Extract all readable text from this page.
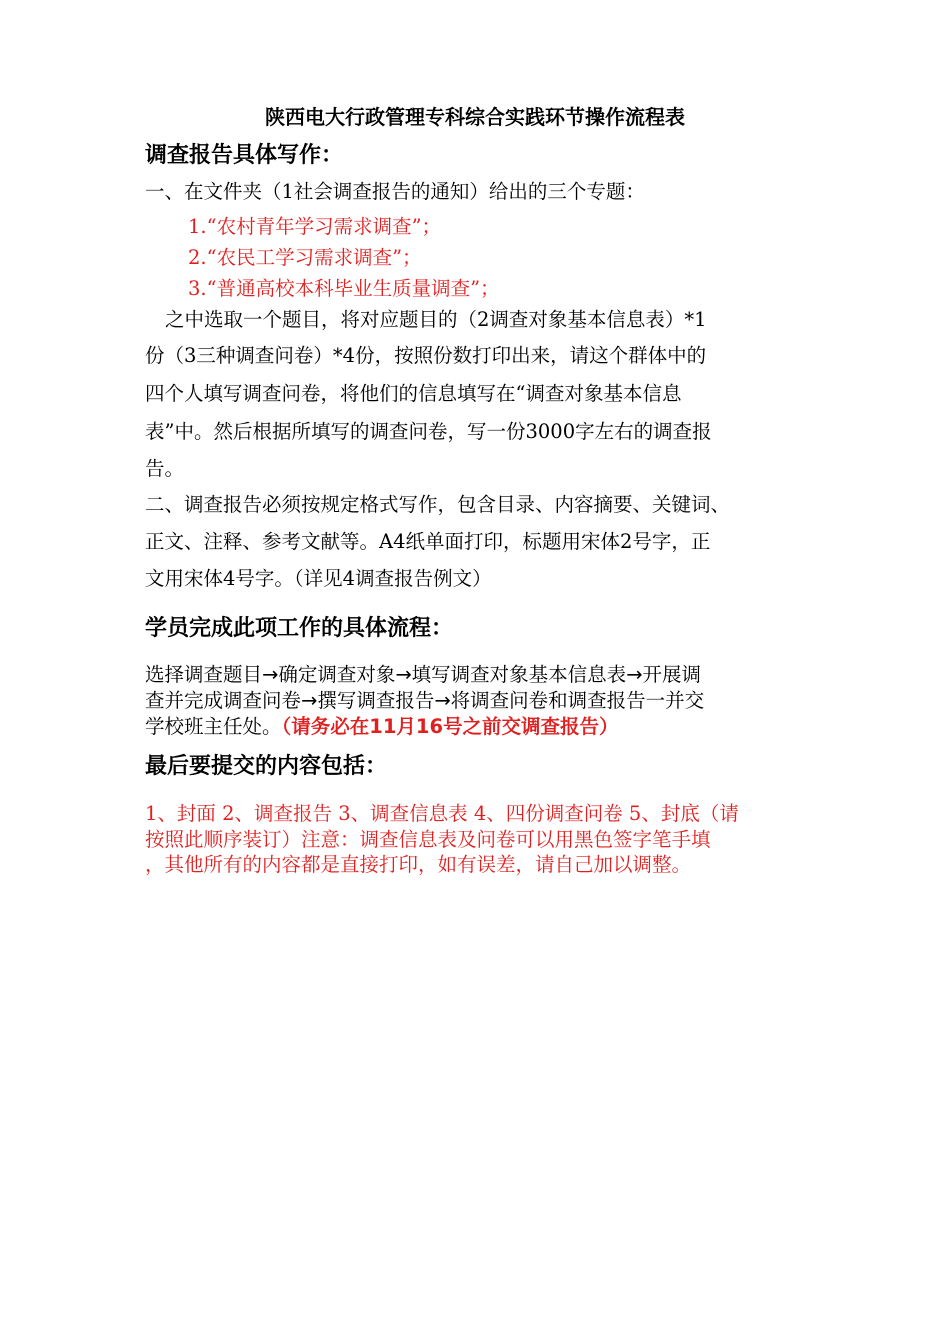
陕西电大行政管理专科综合实践环节操作流程表
调查报告具体写作：
一、在文件夹（1社会调查报告的通知）给出的三个专题：
1.“农村青年学习需求调查”；
2.“农民工学习需求调查”；
3.“普通高校本科毕业生质量调查”；
之中选取一个题目，将对应题目的（2调查对象基本信息表）*1
份（3三种调查问卷）*4份，按照份数打印出来，请这个群体中的
四个人填写调查问卷，将他们的信息填写在“调查对象基本信息
表”中。然后根据所填写的调查问卷，写一份3000字左右的调查报
告。
二、调查报告必须按规定格式写作，包含目录、内容摘要、关键词、
正文、注释、参考文献等。A4纸单面打印，标题用宋体2号字，正
文用宋体4号字。（详见4调查报告例文）
学员完成此项工作的具体流程：
选择调查题目→确定调查对象→填写调查对象基本信息表→开展调
查并完成调查问卷→撰写调查报告→将调查问卷和调查报告一并交
学校班主任处。（请务必在11月16号之前交调查报告）
最后要提交的内容包括：
1、封面 2、调查报告 3、调查信息表 4、四份调查问卷 5、封底（请
按照此顺序装订）注意：调查信息表及问卷可以用黑色签字笔手填
，其他所有的内容都是直接打印，如有误差，请自己加以调整。
